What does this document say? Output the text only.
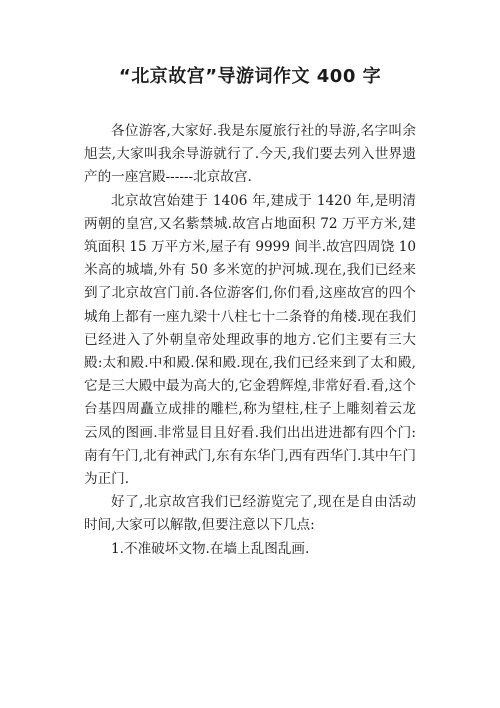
“北京故宫”导游词作文 400 字

各位游客,大家好.我是东厦旅行社的导游,名字叫余旭芸,大家叫我余导游就行了.今天,我们要去列入世界遗产的一座宫殿------北京故宫.

北京故宫始建于 1406 年,建成于 1420 年,是明清两朝的皇宫,又名紫禁城.故宫占地面积 72 万平方米,建筑面积 15 万平方米,屋子有 9999 间半.故宫四周饶 10 米高的城墙,外有 50 多米宽的护河城.现在,我们已经来到了北京故宫门前.各位游客们,你们看,这座故宫的四个城角上都有一座九梁十八柱七十二条脊的角楼.现在我们已经进入了外朝皇帝处理政事的地方.它们主要有三大殿:太和殿.中和殿.保和殿.现在,我们已经来到了太和殿,它是三大殿中最为高大的,它金碧辉煌,非常好看.看,这个台基四周矗立成排的雕栏,称为望柱,柱子上雕刻着云龙云凤的图画.非常显目且好看.我们出出进进都有四个门:南有午门,北有神武门,东有东华门,西有西华门.其中午门为正门.

好了,北京故宫我们已经游览完了,现在是自由活动时间,大家可以解散,但要注意以下几点:

1.不准破坏文物.在墙上乱图乱画.
